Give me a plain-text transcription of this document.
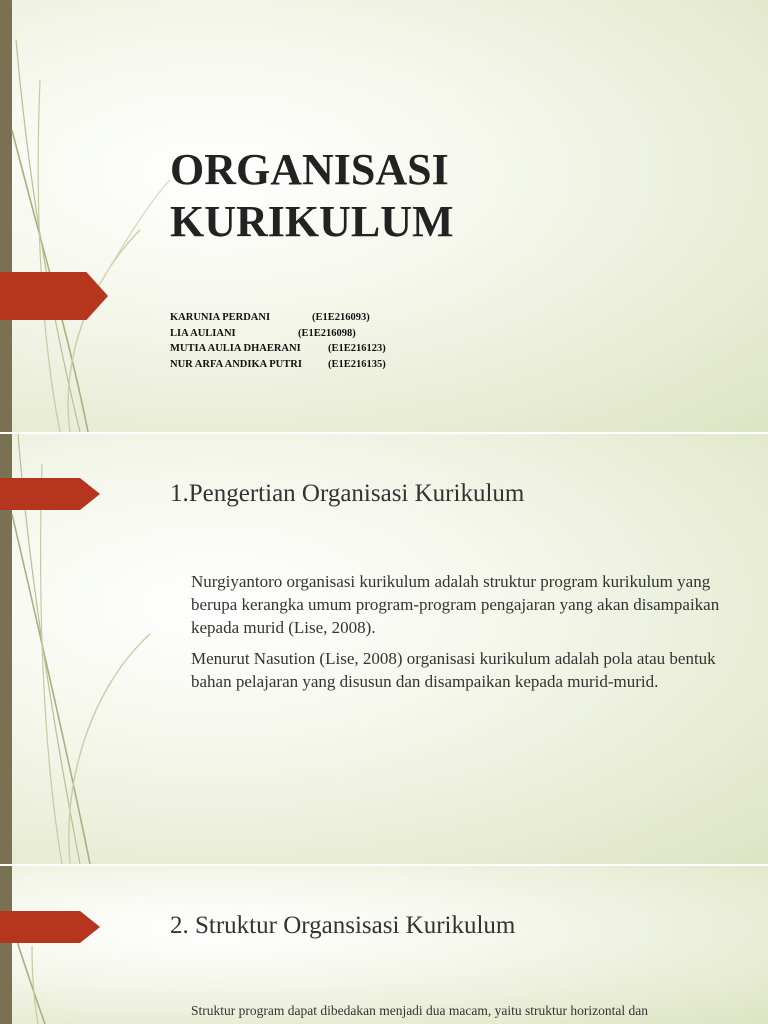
ORGANISASI
KURIKULUM
KARUNIA PERDANI	(E1E216093)
LIA AULIANI	(E1E216098)
MUTIA AULIA DHAERANI	(E1E216123)
NUR ARFA ANDIKA PUTRI	(E1E216135)
1.Pengertian Organisasi Kurikulum
Nurgiyantoro organisasi kurikulum adalah struktur program kurikulum yang berupa kerangka umum program-program pengajaran yang akan disampaikan kepada murid (Lise, 2008).
Menurut Nasution (Lise, 2008) organisasi kurikulum adalah pola atau bentuk bahan pelajaran yang disusun dan disampaikan kepada murid-murid.
2. Struktur Organsisasi Kurikulum
Struktur program dapat dibedakan menjadi dua macam, yaitu struktur horizontal dan
